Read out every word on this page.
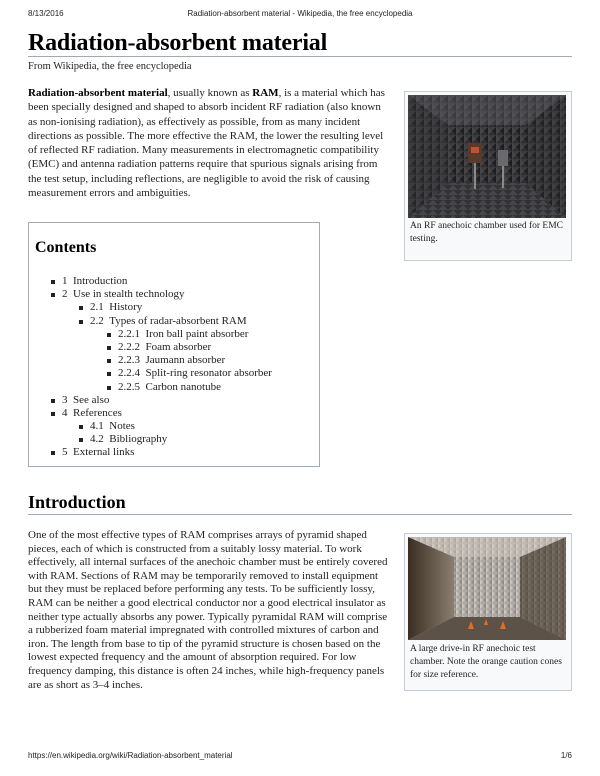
8/13/2016	Radiation-absorbent material - Wikipedia, the free encyclopedia
Radiation-absorbent material
From Wikipedia, the free encyclopedia

Radiation-absorbent material, usually known as RAM, is a material which has been specially designed and shaped to absorb incident RF radiation (also known as non-ionising radiation), as effectively as possible, from as many incident directions as possible. The more effective the RAM, the lower the resulting level of reflected RF radiation. Many measurements in electromagnetic compatibility (EMC) and antenna radiation patterns require that spurious signals arising from the test setup, including reflections, are negligible to avoid the risk of causing measurement errors and ambiguities.

An RF anechoic chamber used for EMC testing.
Contents
1 Introduction
2 Use in stealth technology
2.1 History
2.2 Types of radar-absorbent RAM
2.2.1 Iron ball paint absorber
2.2.2 Foam absorber
2.2.3 Jaumann absorber
2.2.4 Split-ring resonator absorber
2.2.5 Carbon nanotube
3 See also
4 References
4.1 Notes
4.2 Bibliography
5 External links
Introduction

One of the most effective types of RAM comprises arrays of pyramid shaped pieces, each of which is constructed from a suitably lossy material. To work effectively, all internal surfaces of the anechoic chamber must be entirely covered with RAM. Sections of RAM may be temporarily removed to install equipment but they must be replaced before performing any tests. To be sufficiently lossy, RAM can be neither a good electrical conductor nor a good electrical insulator as neither type actually absorbs any power. Typically pyramidal RAM will comprise a rubberized foam material impregnated with controlled mixtures of carbon and iron. The length from base to tip of the pyramid structure is chosen based on the lowest expected frequency and the amount of absorption required. For low frequency damping, this distance is often 24 inches, while high-frequency panels are as short as 3–4 inches.

A large drive-in RF anechoic test chamber. Note the orange caution cones for size reference.
https://en.wikipedia.org/wiki/Radiation-absorbent_material	1/6
